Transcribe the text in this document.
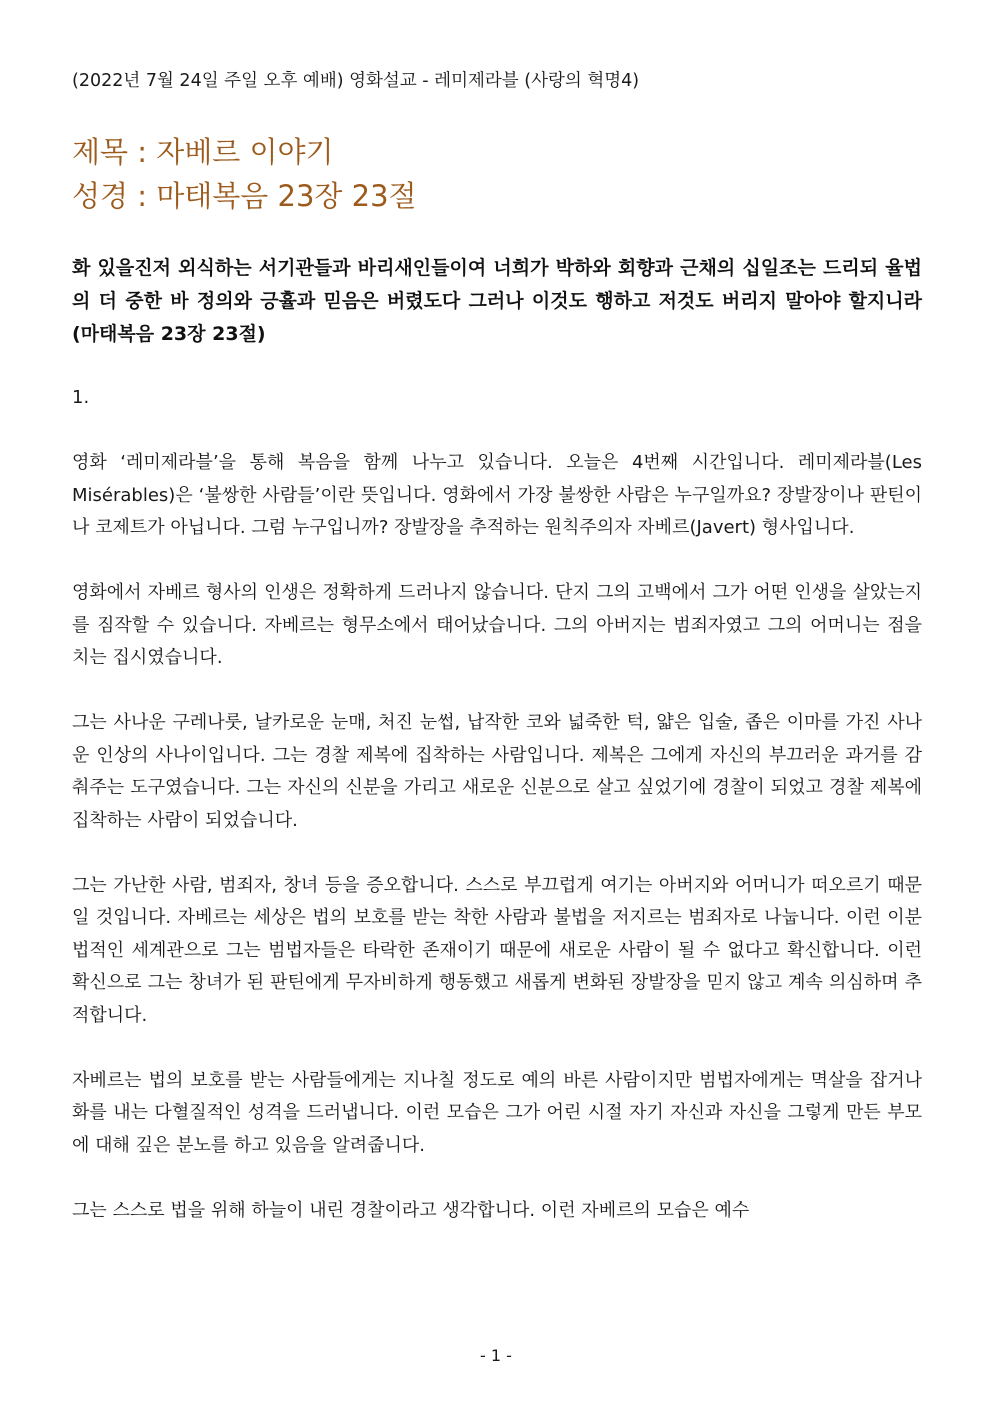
(2022년 7월 24일 주일 오후 예배) 영화설교 - 레미제라블 (사랑의 혁명4)
제목 : 자베르 이야기
성경 : 마태복음 23장 23절
화 있을진저 외식하는 서기관들과 바리새인들이여 너희가 박하와 회향과 근채의 십일조는 드리되 율법의 더 중한 바 정의와 긍휼과 믿음은 버렸도다 그러나 이것도 행하고 저것도 버리지 말아야 할지니라 (마태복음 23장 23절)

1.

영화 ‘레미제라블’을 통해 복음을 함께 나누고 있습니다. 오늘은 4번째 시간입니다. 레미제라블(Les Misérables)은 ‘불쌍한 사람들’이란 뜻입니다. 영화에서 가장 불쌍한 사람은 누구일까요? 장발장이나 판틴이나 코제트가 아닙니다. 그럼 누구입니까? 장발장을 추적하는 원칙주의자 자베르(Javert) 형사입니다.

영화에서 자베르 형사의 인생은 정확하게 드러나지 않습니다. 단지 그의 고백에서 그가 어떤 인생을 살았는지를 짐작할 수 있습니다. 자베르는 형무소에서 태어났습니다. 그의 아버지는 범죄자였고 그의 어머니는 점을 치는 집시였습니다.

그는 사나운 구레나룻, 날카로운 눈매, 처진 눈썹, 납작한 코와 넓죽한 턱, 얇은 입술, 좁은 이마를 가진 사나운 인상의 사나이입니다. 그는 경찰 제복에 집착하는 사람입니다. 제복은 그에게 자신의 부끄러운 과거를 감춰주는 도구였습니다. 그는 자신의 신분을 가리고 새로운 신분으로 살고 싶었기에 경찰이 되었고 경찰 제복에 집착하는 사람이 되었습니다.

그는 가난한 사람, 범죄자, 창녀 등을 증오합니다. 스스로 부끄럽게 여기는 아버지와 어머니가 떠오르기 때문일 것입니다. 자베르는 세상은 법의 보호를 받는 착한 사람과 불법을 저지르는 범죄자로 나눕니다. 이런 이분법적인 세계관으로 그는 범법자들은 타락한 존재이기 때문에 새로운 사람이 될 수 없다고 확신합니다. 이런 확신으로 그는 창녀가 된 판틴에게 무자비하게 행동했고 새롭게 변화된 장발장을 믿지 않고 계속 의심하며 추적합니다.

자베르는 법의 보호를 받는 사람들에게는 지나칠 정도로 예의 바른 사람이지만 범법자에게는 멱살을 잡거나 화를 내는 다혈질적인 성격을 드러냅니다. 이런 모습은 그가 어린 시절 자기 자신과 자신을 그렇게 만든 부모에 대해 깊은 분노를 하고 있음을 알려줍니다.

그는 스스로 법을 위해 하늘이 내린 경찰이라고 생각합니다. 이런 자베르의 모습은 예수

- 1 -
